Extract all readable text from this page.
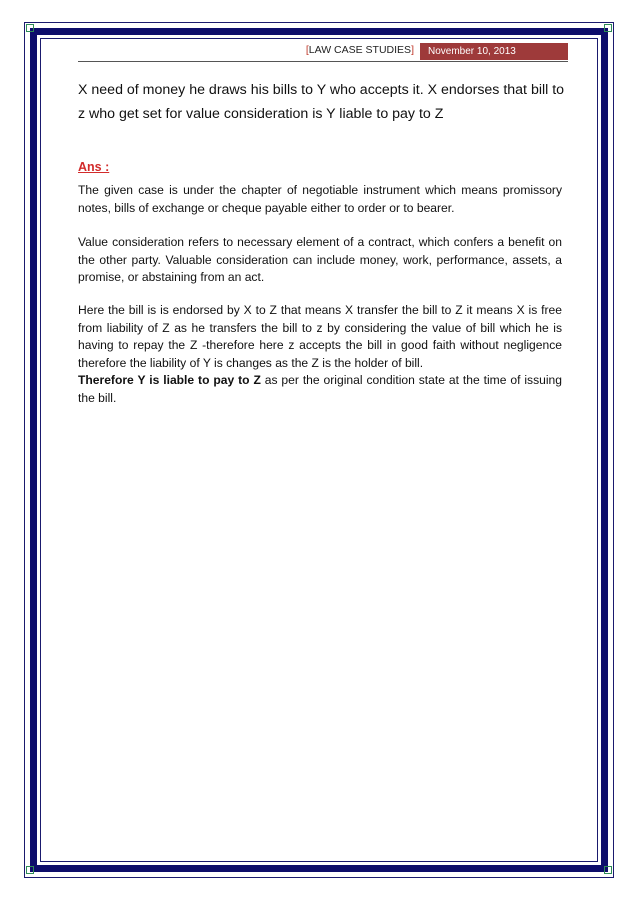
[LAW CASE STUDIES]	November 10, 2013
X need of money he draws his bills to Y who accepts it. X endorses that bill to z who get set for value consideration is Y liable to pay to Z
Ans :
The given case is under the chapter of negotiable instrument which means promissory notes, bills of exchange or cheque payable either to order or to bearer.
Value consideration refers to necessary element of a contract, which confers a benefit on the other party. Valuable consideration can include money, work, performance, assets, a promise, or abstaining from an act.
Here the bill is is endorsed by X to Z that means X transfer the bill to Z it means X is free from liability of Z as he transfers the bill to z by considering the value of bill which he is having to repay the Z -therefore here z accepts the bill in good faith without negligence therefore the liability of Y is changes as the Z is the holder of bill.
Therefore Y is liable to pay to Z as per the original condition state at the time of issuing the bill.
